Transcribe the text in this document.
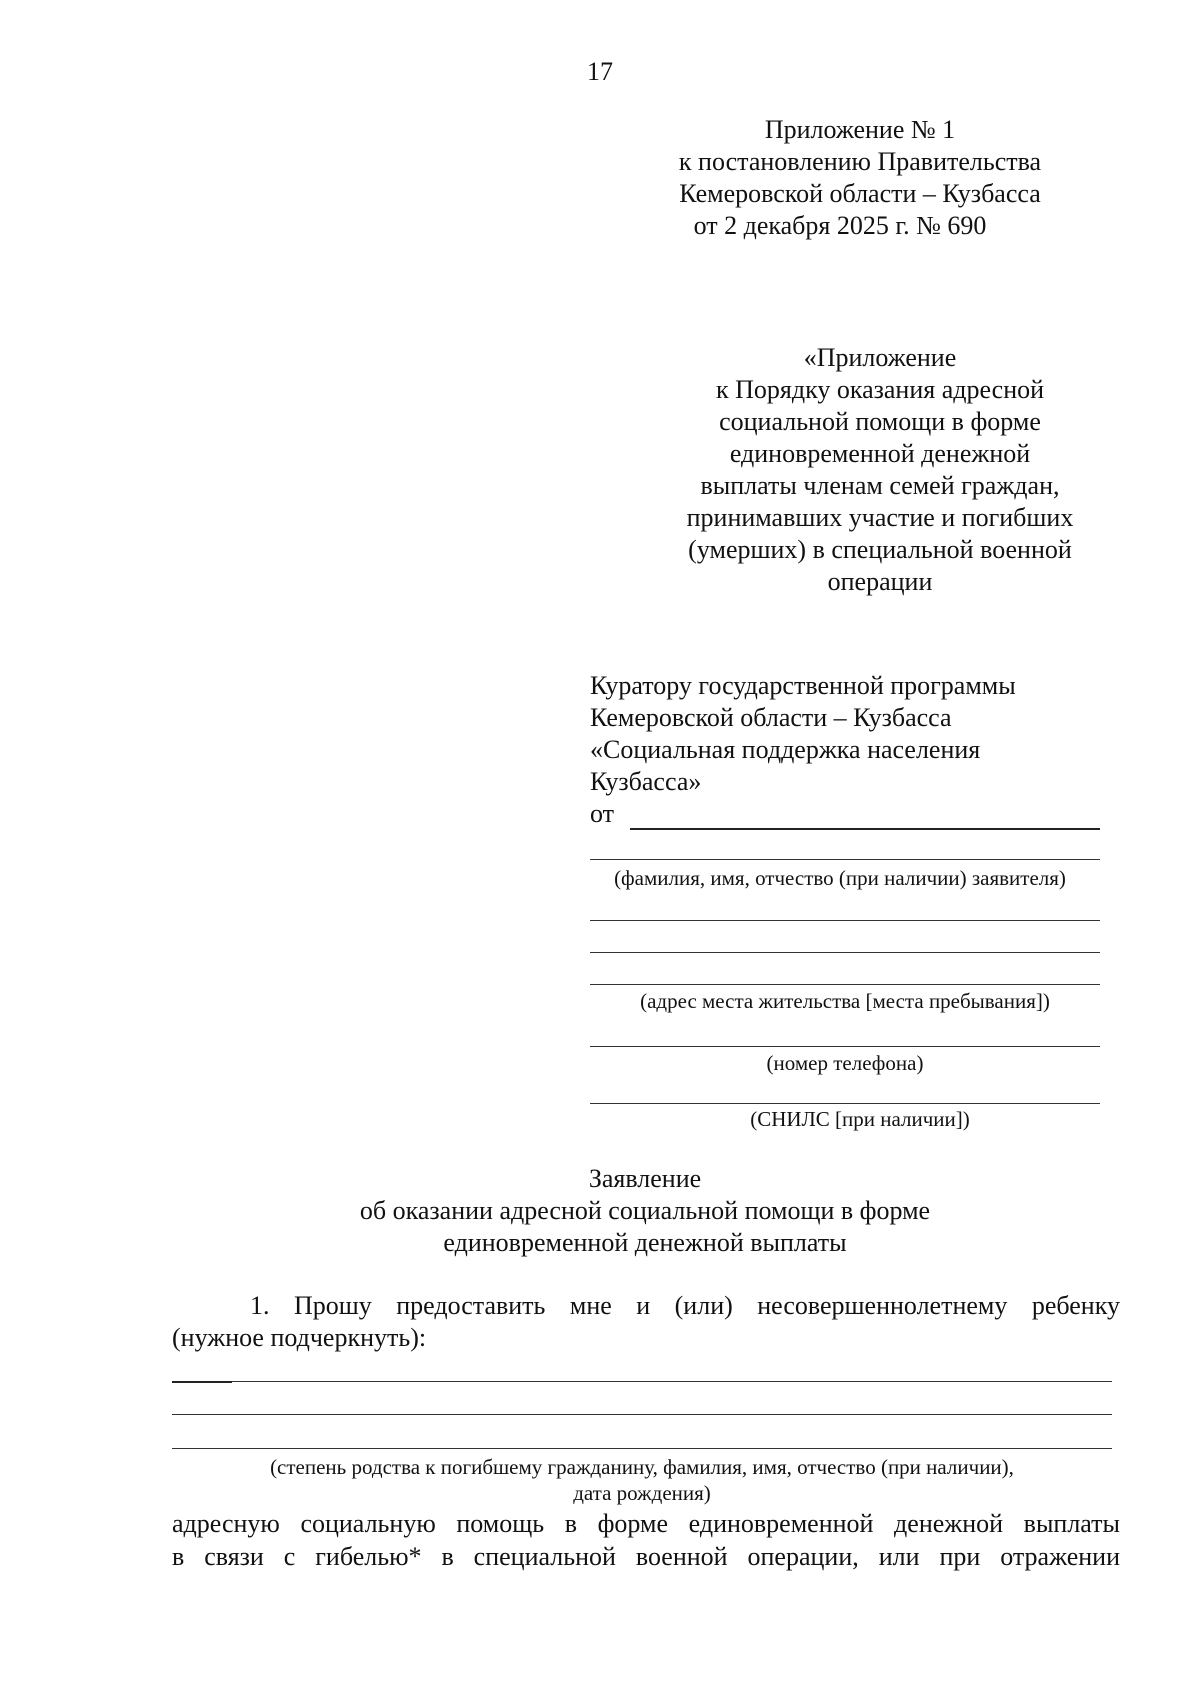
17
Приложение № 1
к постановлению Правительства
Кемеровской области – Кузбасса
от 2 декабря 2025 г. № 690
«Приложение
к Порядку оказания адресной
социальной помощи в форме
единовременной денежной
выплаты членам семей граждан,
принимавших участие и погибших
(умерших) в специальной военной
операции
Куратору государственной программы
Кемеровской области – Кузбасса
«Социальная поддержка населения
Кузбасса»
от
(фамилия, имя, отчество (при наличии) заявителя)
(адрес места жительства [места пребывания])
(номер телефона)
(СНИЛС [при наличии])
Заявление
об оказании адресной социальной помощи в форме
единовременной денежной выплаты
1. Прошу предоставить мне и (или) несовершеннолетнему ребенку
(нужное подчеркнуть):
(степень родства к погибшему гражданину, фамилия, имя, отчество (при наличии),
дата рождения)
адресную социальную помощь в форме единовременной денежной выплаты
в связи с гибелью* в специальной военной операции, или при отражении
